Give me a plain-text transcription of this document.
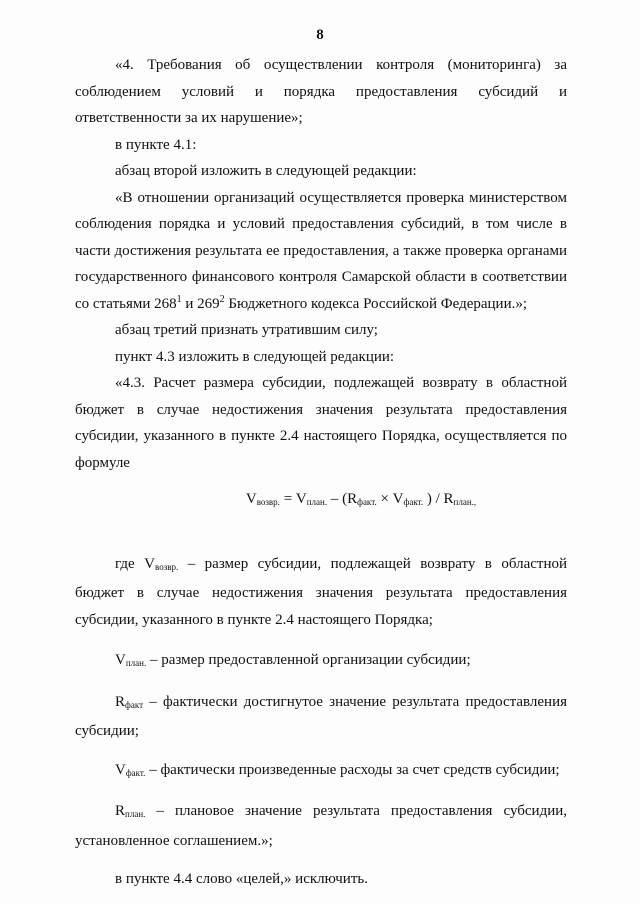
8

«4. Требования об осуществлении контроля (мониторинга) за соблюдением условий и порядка предоставления субсидий и ответственности за их нарушение»;

в пункте 4.1:

абзац второй изложить в следующей редакции:

«В отношении организаций осуществляется проверка министерством соблюдения порядка и условий предоставления субсидий, в том числе в части достижения результата ее предоставления, а также проверка органами государственного финансового контроля Самарской области в соответствии со статьями $268^1$ и $269^2$ Бюджетного кодекса Российской Федерации.»;

абзац третий признать утратившим силу;

пункт 4.3 изложить в следующей редакции:

«4.3. Расчет размера субсидии, подлежащей возврату в областной бюджет в случае недостижения значения результата предоставления субсидии, указанного в пункте 2.4 настоящего Порядка, осуществляется по формуле

$V_{возвр.} = V_{план.} - (R_{факт.} \times V_{факт.}$ ) / $R_{план.,}$

где $V_{возвр.}$ – размер субсидии, подлежащей возврату в областной бюджет в случае недостижения значения результата предоставления субсидии, указанного в пункте 2.4 настоящего Порядка;

$V_{план.}$ – размер предоставленной организации субсидии;

$R_{факт}$ – фактически достигнутое значение результата предоставления субсидии;

$V_{факт.}$ – фактически произведенные расходы за счет средств субсидии;

$R_{план.}$ – плановое значение результата предоставления субсидии, установленное соглашением.»;

в пункте 4.4 слово «целей,» исключить.
